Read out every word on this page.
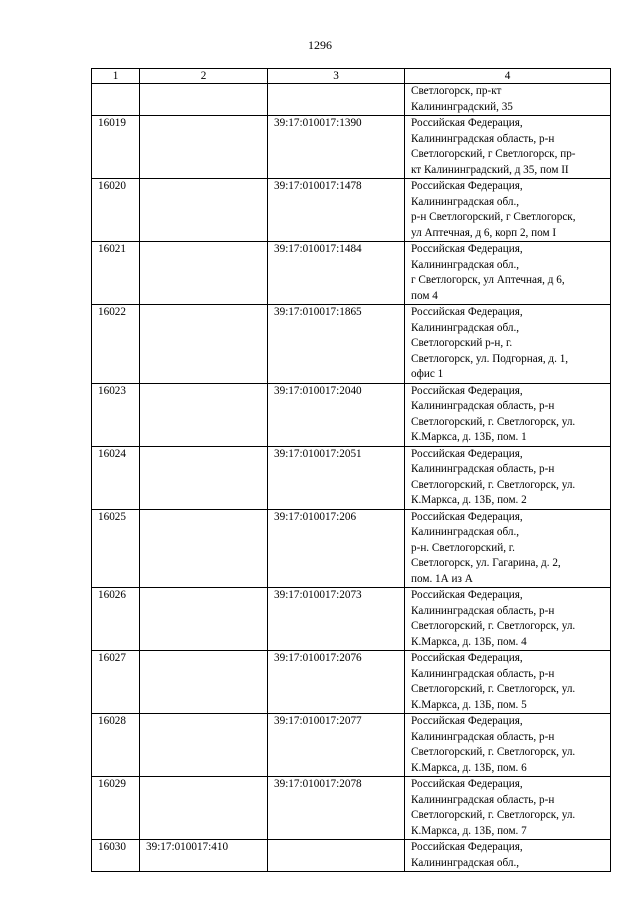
1296
1	2	3	4
			Светлогорск, пр-кт
Калининградский, 35
16019		39:17:010017:1390	Российская Федерация,
Калининградская область, р-н
Светлогорский, г Светлогорск, пр-
кт Калининградский, д 35, пом II
16020		39:17:010017:1478	Российская Федерация,
Калининградская обл.,
р-н Светлогорский, г Светлогорск,
ул Аптечная, д 6, корп 2, пом I
16021		39:17:010017:1484	Российская Федерация,
Калининградская обл.,
г Светлогорск, ул Аптечная, д 6,
пом 4
16022		39:17:010017:1865	Российская Федерация,
Калининградская обл.,
Светлогорский р-н, г.
Светлогорск, ул. Подгорная, д. 1,
офис 1
16023		39:17:010017:2040	Российская Федерация,
Калининградская область, р-н
Светлогорский, г. Светлогорск, ул.
К.Маркса, д. 13Б, пом. 1
16024		39:17:010017:2051	Российская Федерация,
Калининградская область, р-н
Светлогорский, г. Светлогорск, ул.
К.Маркса, д. 13Б, пом. 2
16025		39:17:010017:206	Российская Федерация,
Калининградская обл.,
р-н. Светлогорский, г.
Светлогорск, ул. Гагарина, д. 2,
пом. 1А из А
16026		39:17:010017:2073	Российская Федерация,
Калининградская область, р-н
Светлогорский, г. Светлогорск, ул.
К.Маркса, д. 13Б, пом. 4
16027		39:17:010017:2076	Российская Федерация,
Калининградская область, р-н
Светлогорский, г. Светлогорск, ул.
К.Маркса, д. 13Б, пом. 5
16028		39:17:010017:2077	Российская Федерация,
Калининградская область, р-н
Светлогорский, г. Светлогорск, ул.
К.Маркса, д. 13Б, пом. 6
16029		39:17:010017:2078	Российская Федерация,
Калининградская область, р-н
Светлогорский, г. Светлогорск, ул.
К.Маркса, д. 13Б, пом. 7
16030	39:17:010017:410		Российская Федерация,
Калининградская обл.,
